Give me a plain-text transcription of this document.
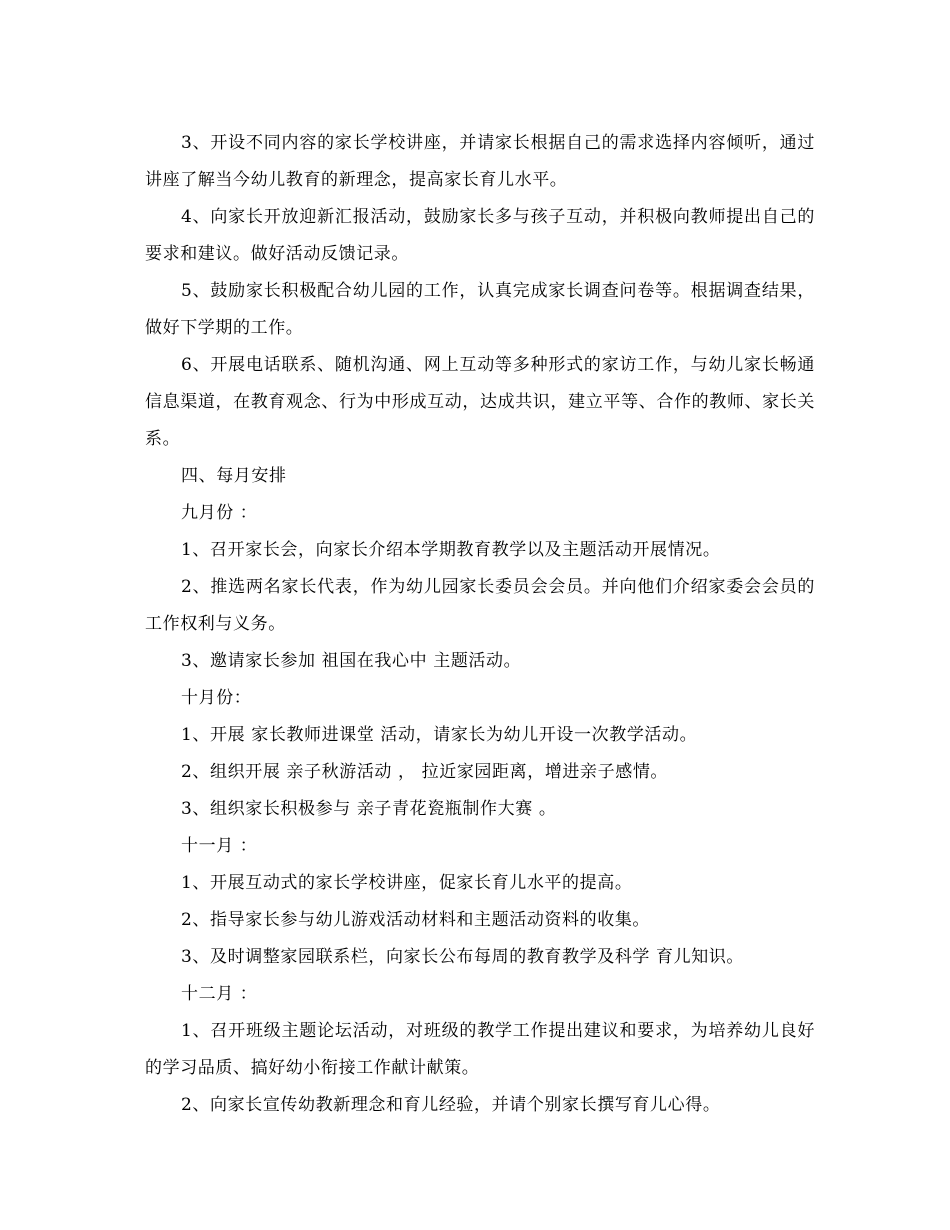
3、开设不同内容的家长学校讲座，并请家长根据自己的需求选择内容倾听，通过讲座了解当今幼儿教育的新理念，提高家长育儿水平。

4、向家长开放迎新汇报活动，鼓励家长多与孩子互动，并积极向教师提出自己的要求和建议。做好活动反馈记录。

5、鼓励家长积极配合幼儿园的工作，认真完成家长调查问卷等。根据调查结果，做好下学期的工作。

6、开展电话联系、随机沟通、网上互动等多种形式的家访工作，与幼儿家长畅通信息渠道，在教育观念、行为中形成互动，达成共识，建立平等、合作的教师、家长关系。

四、每月安排

九月份 ：

1、召开家长会，向家长介绍本学期教育教学以及主题活动开展情况。

2、推选两名家长代表，作为幼儿园家长委员会会员。并向他们介绍家委会会员的工作权利与义务。

3、邀请家长参加 祖国在我心中 主题活动。

十月份：

1、开展 家长教师进课堂 活动，请家长为幼儿开设一次教学活动。

2、组织开展 亲子秋游活动 ， 拉近家园距离，增进亲子感情。

3、组织家长积极参与 亲子青花瓷瓶制作大赛 。

十一月 ：

1、开展互动式的家长学校讲座，促家长育儿水平的提高。

2、指导家长参与幼儿游戏活动材料和主题活动资料的收集。

3、及时调整家园联系栏，向家长公布每周的教育教学及科学 育儿知识。

十二月 ：

1、召开班级主题论坛活动，对班级的教学工作提出建议和要求，为培养幼儿良好的学习品质、搞好幼小衔接工作献计献策。

2、向家长宣传幼教新理念和育儿经验，并请个别家长撰写育儿心得。
